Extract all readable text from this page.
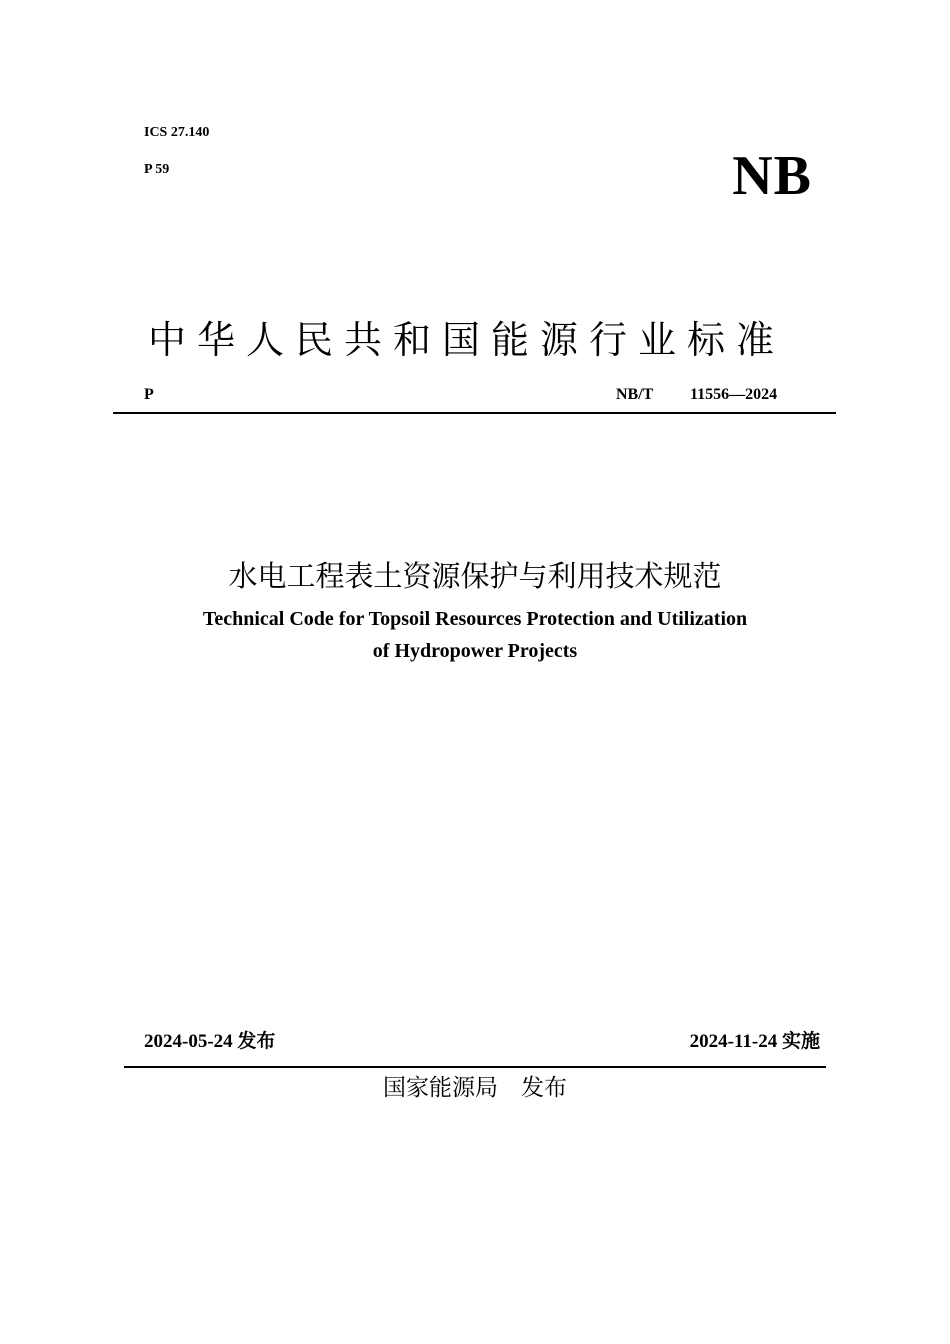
ICS 27.140
P 59	NB
中华人民共和国能源行业标准
P	NB/T 11556—2024
水电工程表土资源保护与利用技术规范
Technical Code for Topsoil Resources Protection and Utilization
of Hydropower Projects
2024-05-24 发布	2024-11-24 实施
国家能源局　发布
